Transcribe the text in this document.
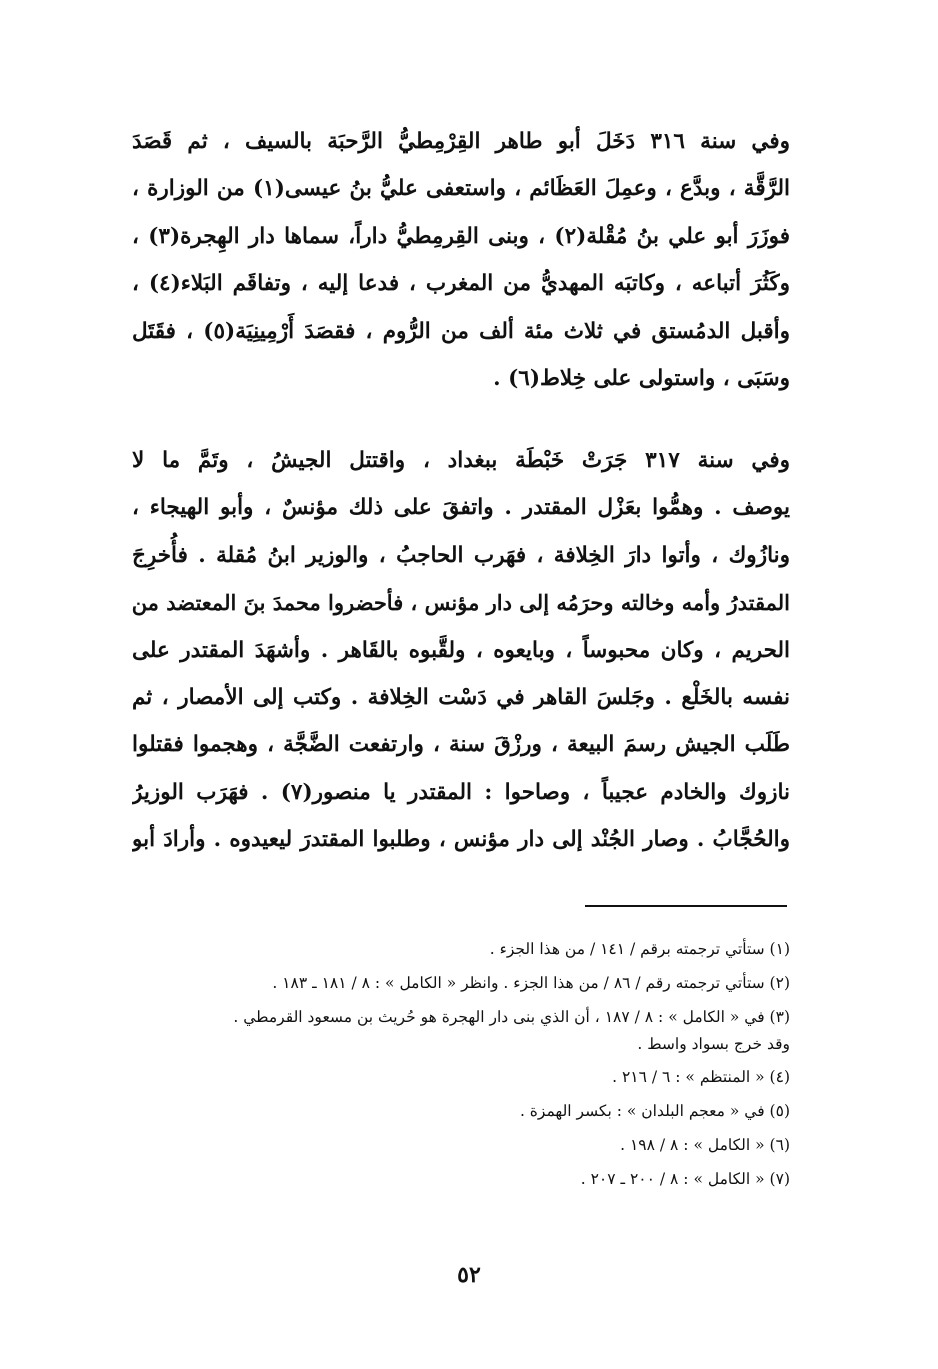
وفي سنة ٣١٦ دَخَلَ أبو طاهر القِرْمِطيُّ الرَّحبَة بالسيف ، ثم قَصَدَ
الرَّقَّة ، وبدَّع ، وعمِلَ العَظَائم ، واستعفى عليُّ بنُ عيسى(١) من الوزارة ،
فوزَرَ أبو علي بنُ مُقْلة(٢) ، وبنى القِرمِطيُّ داراً، سماها دار الهِجرة(٣) ،
وكَثُرَ أتباعه ، وكاتبَه المهديُّ من المغرب ، فدعا إليه ، وتفاقَم البَلاء(٤) ،
وأقبل الدمُستق في ثلاث مئة ألف من الرُّوم ، فقصَدَ أَرْمِينِيَة(٥) ، فقَتَل
وسَبَى ، واستولى على خِلاط(٦) .
وفي سنة ٣١٧ جَرَتْ خَبْطَة ببغداد ، واقتتل الجيشُ ، وتَمَّ ما لا
يوصف . وهمُّوا بعَزْل المقتدر . واتفقَ على ذلك مؤنسٌ ، وأبو الهيجاء ،
ونازُوك ، وأتوا دارَ الخِلافة ، فهَرب الحاجبُ ، والوزير ابنُ مُقلة . فأُخرِجَ
المقتدرُ وأمه وخالته وحرَمُه إلى دار مؤنس ، فأحضروا محمدَ بنَ المعتضد من
الحريم ، وكان محبوساً ، وبايعوه ، ولقَّبوه بالقَاهر . وأشهَدَ المقتدر على
نفسه بالخَلْع . وجَلسَ القاهر في دَسْت الخِلافة . وكتب إلى الأمصار ، ثم
طَلَب الجيش رسمَ البيعة ، ورزْقَ سنة ، وارتفعت الضَّجَّة ، وهجموا فقتلوا
نازوك والخادم عجيباً ، وصاحوا : المقتدر يا منصور(٧) . فهَرَب الوزيرُ
والحُجَّابُ . وصار الجُنْد إلى دار مؤنس ، وطلبوا المقتدرَ ليعيدوه . وأرادَ أبو
(١) ستأتي ترجمته برقم / ١٤١ / من هذا الجزء .
(٢) ستأتي ترجمته رقم / ٨٦ / من هذا الجزء . وانظر « الكامل » : ٨ / ١٨١ ـ ١٨٣ .
(٣) في « الكامل » : ٨ / ١٨٧ ، أن الذي بنى دار الهجرة هو حُريث بن مسعود القرمطي .
وقد خرج بسواد واسط .
(٤) « المنتظم » : ٦ / ٢١٦ .
(٥) في « معجم البلدان » : بكسر الهمزة .
(٦) « الكامل » : ٨ / ١٩٨ .
(٧) « الكامل » : ٨ / ٢٠٠ ـ ٢٠٧ .
٥٢
